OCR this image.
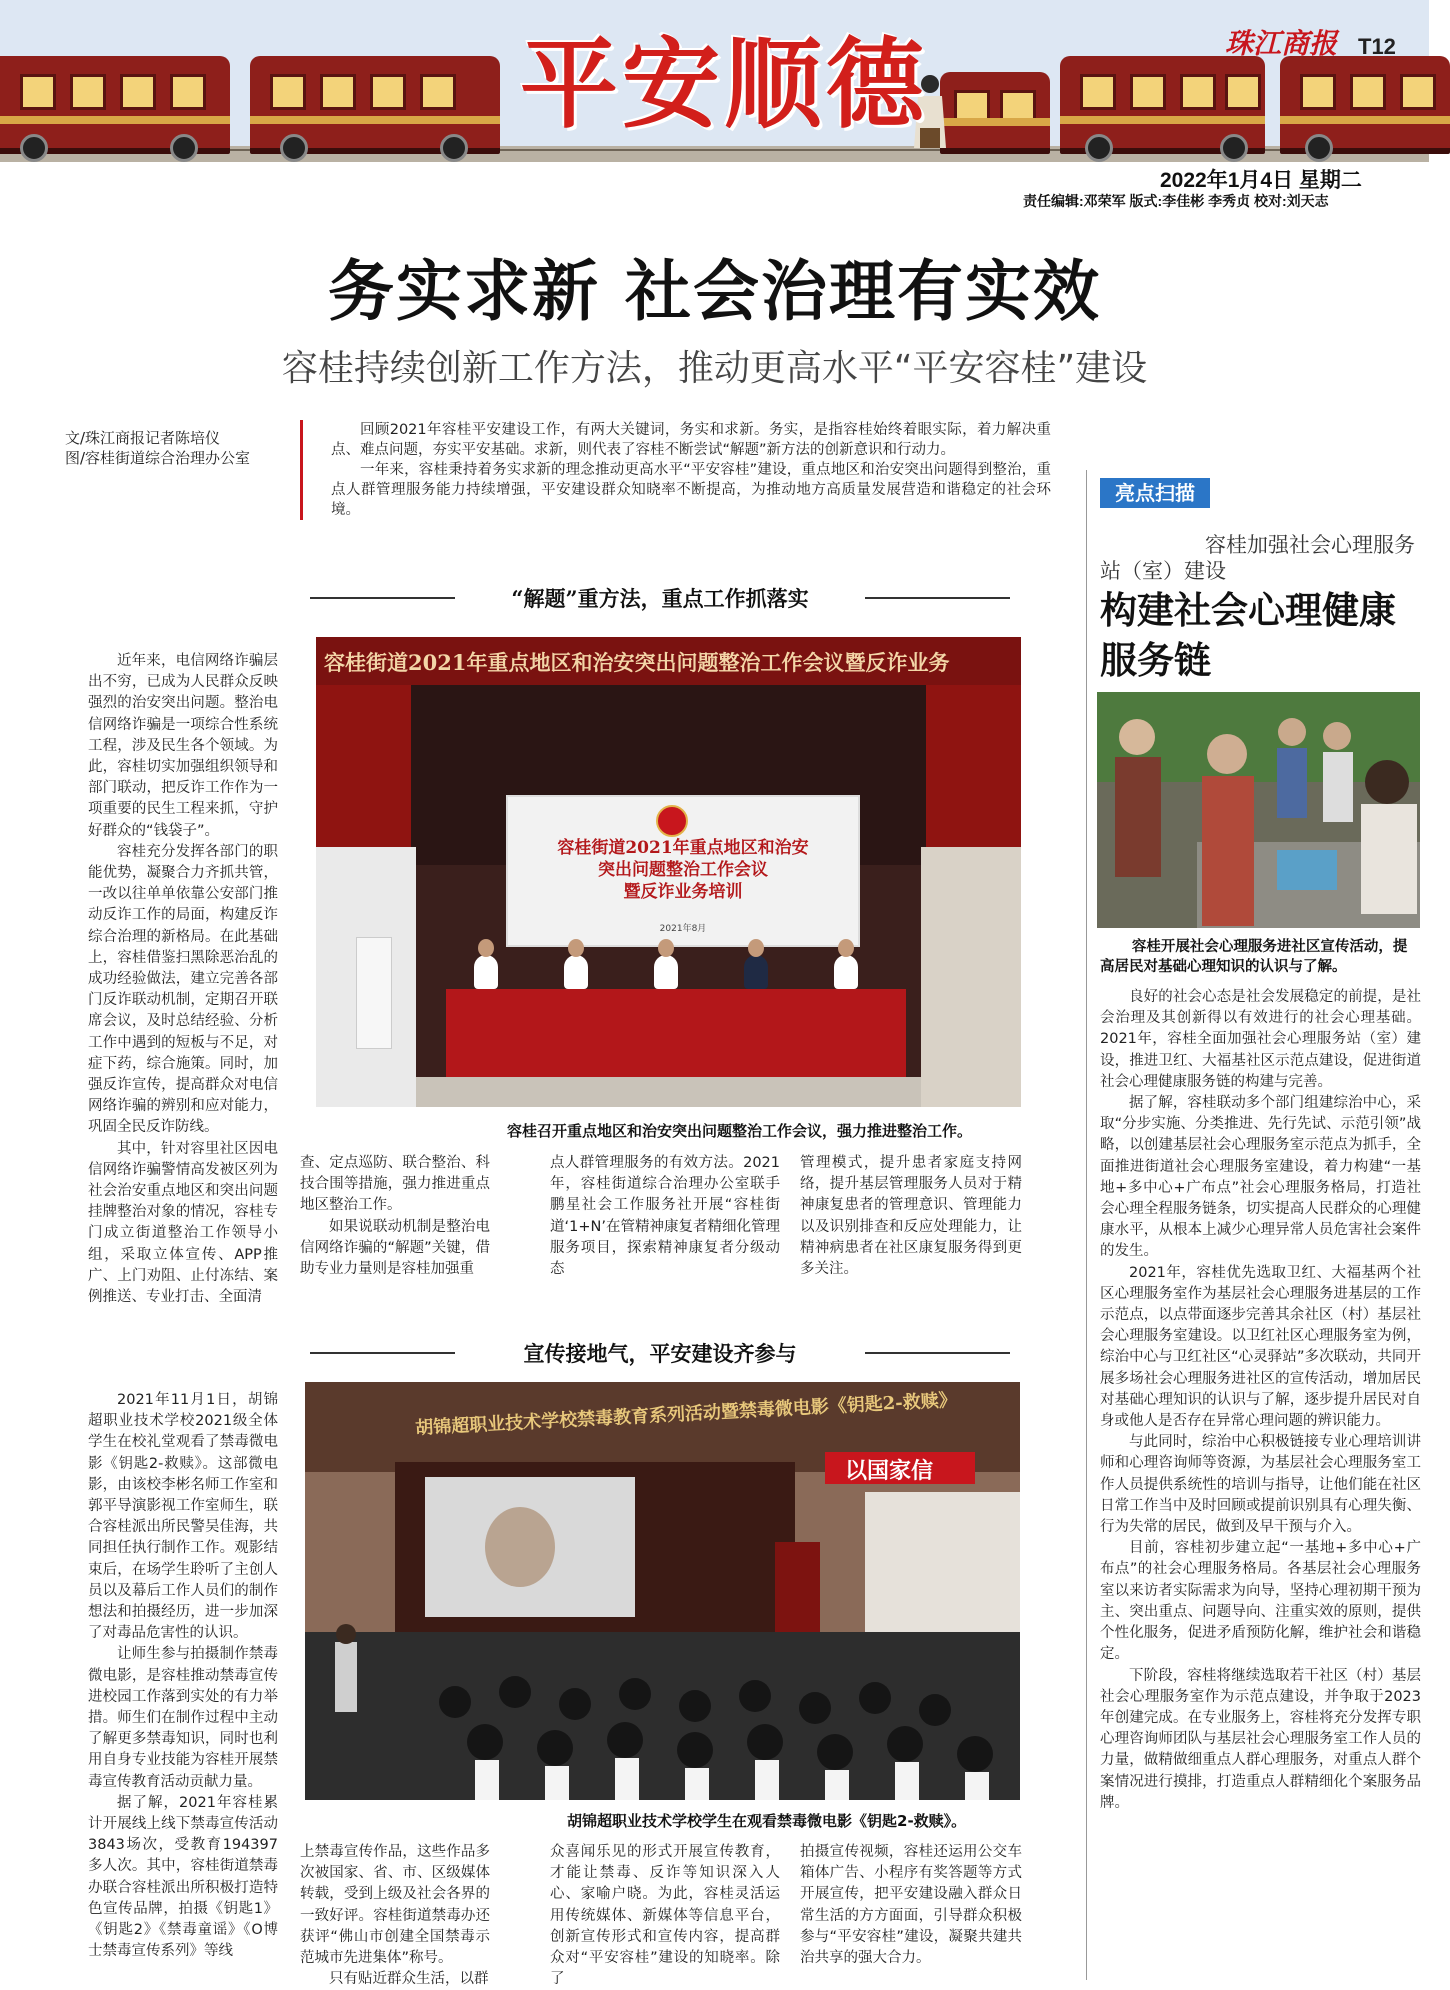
平安顺德	珠江商报 T12
2022年1月4日 星期二
责任编辑:邓荣军 版式:李佳彬 李秀贞 校对:刘天志
务实求新 社会治理有实效
容桂持续创新工作方法，推动更高水平“平安容桂”建设
文/珠江商报记者陈培仪
图/容桂街道综合治理办公室

回顾2021年容桂平安建设工作，有两大关键词，务实和求新。务实，是指容桂始终着眼实际，着力解决重点、难点问题，夯实平安基础。求新，则代表了容桂不断尝试“解题”新方法的创新意识和行动力。

一年来，容桂秉持着务实求新的理念推动更高水平“平安容桂”建设，重点地区和治安突出问题得到整治，重点人群管理服务能力持续增强，平安建设群众知晓率不断提高，为推动地方高质量发展营造和谐稳定的社会环境。

“解题”重方法，重点工作抓落实

近年来，电信网络诈骗层出不穷，已成为人民群众反映强烈的治安突出问题。整治电信网络诈骗是一项综合性系统工程，涉及民生各个领域。为此，容桂切实加强组织领导和部门联动，把反诈工作作为一项重要的民生工程来抓，守护好群众的“钱袋子”。

容桂充分发挥各部门的职能优势，凝聚合力齐抓共管，一改以往单单依靠公安部门推动反诈工作的局面，构建反诈综合治理的新格局。在此基础上，容桂借鉴扫黑除恶治乱的成功经验做法，建立完善各部门反诈联动机制，定期召开联席会议，及时总结经验、分析工作中遇到的短板与不足，对症下药，综合施策。同时，加强反诈宣传，提高群众对电信网络诈骗的辨别和应对能力，巩固全民反诈防线。

其中，针对容里社区因电信网络诈骗警情高发被区列为社会治安重点地区和突出问题挂牌整治对象的情况，容桂专门成立街道整治工作领导小组，采取立体宣传、APP推广、上门劝阻、止付冻结、案例推送、专业打击、全面清

容桂街道2021年重点地区和治安突出问题整治工作会议暨反诈业务
容桂街道2021年重点地区和治安
突出问题整治工作会议
暨反诈业务培训
2021年8月
容桂召开重点地区和治安突出问题整治工作会议，强力推进整治工作。

查、定点巡防、联合整治、科技合围等措施，强力推进重点地区整治工作。

如果说联动机制是整治电信网络诈骗的“解题”关键，借助专业力量则是容桂加强重

点人群管理服务的有效方法。2021年，容桂街道综合治理办公室联手鹏星社会工作服务社开展“容桂街道‘1+N’在管精神康复者精细化管理服务项目，探索精神康复者分级动态

管理模式，提升患者家庭支持网络，提升基层管理服务人员对于精神康复患者的管理意识、管理能力以及识别排查和反应处理能力，让精神病患者在社区康复服务得到更多关注。

宣传接地气，平安建设齐参与

2021年11月1日，胡锦超职业技术学校2021级全体学生在校礼堂观看了禁毒微电影《钥匙2-救赎》。这部微电影，由该校李彬名师工作室和郭平导演影视工作室师生，联合容桂派出所民警吴佳海，共同担任执行制作工作。观影结束后，在场学生聆听了主创人员以及幕后工作人员们的制作想法和拍摄经历，进一步加深了对毒品危害性的认识。

让师生参与拍摄制作禁毒微电影，是容桂推动禁毒宣传进校园工作落到实处的有力举措。师生们在制作过程中主动了解更多禁毒知识，同时也利用自身专业技能为容桂开展禁毒宣传教育活动贡献力量。

据了解，2021年容桂累计开展线上线下禁毒宣传活动3843场次，受教育194397多人次。其中，容桂街道禁毒办联合容桂派出所积极打造特色宣传品牌，拍摄《钥匙1》《钥匙2》《禁毒童谣》《O博士禁毒宣传系列》等线

胡锦超职业技术学校禁毒教育系列活动暨禁毒微电影《钥匙2-救赎》
以国家信
胡锦超职业技术学校学生在观看禁毒微电影《钥匙2-救赎》。

上禁毒宣传作品，这些作品多次被国家、省、市、区级媒体转载，受到上级及社会各界的一致好评。容桂街道禁毒办还获评“佛山市创建全国禁毒示范城市先进集体”称号。

只有贴近群众生活，以群

众喜闻乐见的形式开展宣传教育，才能让禁毒、反诈等知识深入人心、家喻户晓。为此，容桂灵活运用传统媒体、新媒体等信息平台，创新宣传形式和宣传内容，提高群众对“平安容桂”建设的知晓率。除了

拍摄宣传视频，容桂还运用公交车箱体广告、小程序有奖答题等方式开展宣传，把平安建设融入群众日常生活的方方面面，引导群众积极参与“平安容桂”建设，凝聚共建共治共享的强大合力。

亮点扫描
容桂加强社会心理服务站（室）建设
构建社会心理健康服务链
容桂开展社会心理服务进社区宣传活动，提高居民对基础心理知识的认识与了解。

良好的社会心态是社会发展稳定的前提，是社会治理及其创新得以有效进行的社会心理基础。2021年，容桂全面加强社会心理服务站（室）建设，推进卫红、大福基社区示范点建设，促进街道社会心理健康服务链的构建与完善。

据了解，容桂联动多个部门组建综治中心，采取“分步实施、分类推进、先行先试、示范引领”战略，以创建基层社会心理服务室示范点为抓手，全面推进街道社会心理服务室建设，着力构建“一基地+多中心+广布点”社会心理服务格局，打造社会心理全程服务链条，切实提高人民群众的心理健康水平，从根本上减少心理异常人员危害社会案件的发生。

2021年，容桂优先选取卫红、大福基两个社区心理服务室作为基层社会心理服务进基层的工作示范点，以点带面逐步完善其余社区（村）基层社会心理服务室建设。以卫红社区心理服务室为例，综治中心与卫红社区“心灵驿站”多次联动，共同开展多场社会心理服务进社区的宣传活动，增加居民对基础心理知识的认识与了解，逐步提升居民对自身或他人是否存在异常心理问题的辨识能力。

与此同时，综治中心积极链接专业心理培训讲师和心理咨询师等资源，为基层社会心理服务室工作人员提供系统性的培训与指导，让他们能在社区日常工作当中及时回顾或提前识别具有心理失衡、行为失常的居民，做到及早干预与介入。

目前，容桂初步建立起“一基地+多中心+广布点”的社会心理服务格局。各基层社会心理服务室以来访者实际需求为向导，坚持心理初期干预为主、突出重点、问题导向、注重实效的原则，提供个性化服务，促进矛盾预防化解，维护社会和谐稳定。

下阶段，容桂将继续选取若干社区（村）基层社会心理服务室作为示范点建设，并争取于2023年创建完成。在专业服务上，容桂将充分发挥专职心理咨询师团队与基层社会心理服务室工作人员的力量，做精做细重点人群心理服务，对重点人群个案情况进行摸排，打造重点人群精细化个案服务品牌。
